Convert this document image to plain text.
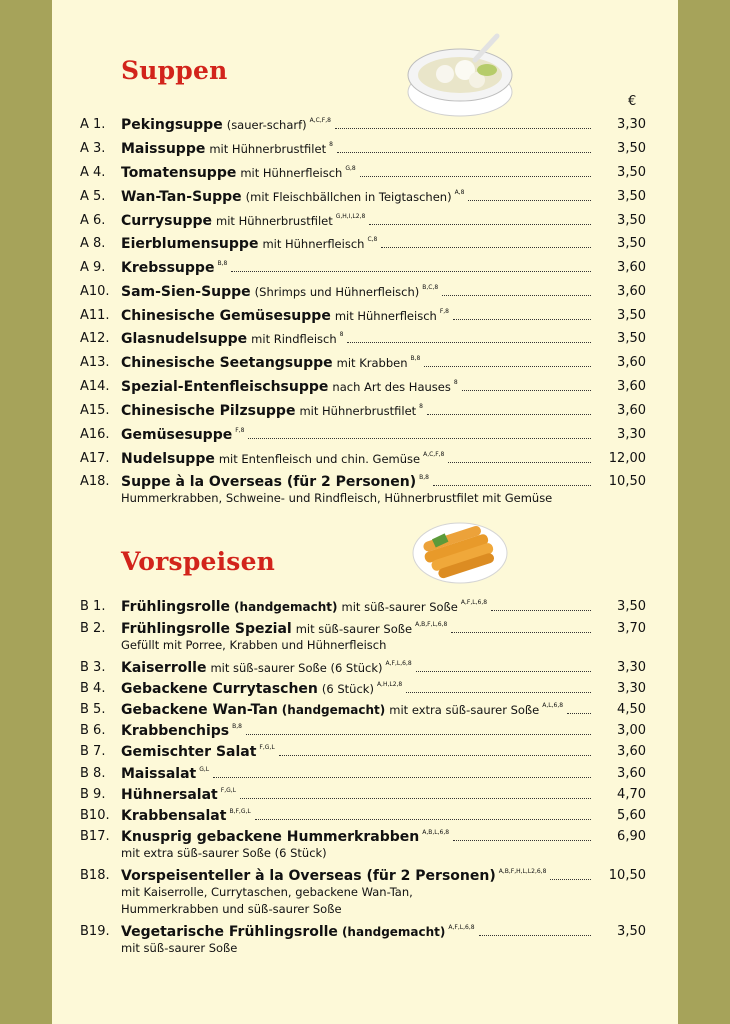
Suppen
€
A 1.	Pekingsuppe (sauer-scharf) A,C,F,8	3,30
A 3.	Maissuppe mit Hühnerbrustfilet 8	3,50
A 4.	Tomatensuppe mit Hühnerfleisch G,8	3,50
A 5.	Wan-Tan-Suppe (mit Fleischbällchen in Teigtaschen) A,8	3,50
A 6.	Currysuppe mit Hühnerbrustfilet G,H,I,L2,8	3,50
A 8.	Eierblumensuppe mit Hühnerfleisch C,8	3,50
A 9.	Krebssuppe B,8	3,60
A10. Sam-Sien-Suppe (Shrimps und Hühnerfleisch) B,C,8	3,60
A11. Chinesische Gemüsesuppe mit Hühnerfleisch F,8	3,50
A12. Glasnudelsuppe mit Rindfleisch 8	3,50
A13. Chinesische Seetangsuppe mit Krabben B,8	3,60
A14. Spezial-Entenfleischsuppe nach Art des Hauses 8	3,60
A15. Chinesische Pilzsuppe mit Hühnerbrustfilet 8	3,60
A16. Gemüsesuppe F,8	3,30
A17. Nudelsuppe mit Entenfleisch und chin. Gemüse A,C,F,8	12,00
A18. Suppe à la Overseas (für 2 Personen) B,8	10,50
Hummerkrabben, Schweine- und Rindfleisch, Hühnerbrustfilet mit Gemüse
Vorspeisen
B 1.	Frühlingsrolle (handgemacht) mit süß-saurer Soße A,F,L,6,8	3,50
B 2.	Frühlingsrolle Spezial mit süß-saurer Soße A,B,F,L,6,8	3,70
Gefüllt mit Porree, Krabben und Hühnerfleisch
B 3.	Kaiserrolle mit süß-saurer Soße (6 Stück) A,F,L,6,8	3,30
B 4.	Gebackene Currytaschen (6 Stück) A,H,L2,8	3,30
B 5.	Gebackene Wan-Tan (handgemacht) mit extra süß-saurer Soße A,L,6,8	4,50
B 6.	Krabbenchips B,8	3,00
B 7.	Gemischter Salat F,G,L	3,60
B 8.	Maissalat G,L	3,60
B 9.	Hühnersalat F,G,L	4,70
B10. Krabbensalat B,F,G,L	5,60
B17. Knusprig gebackene Hummerkrabben A,B,L,6,8	6,90
mit extra süß-saurer Soße (6 Stück)
B18. Vorspeisenteller à la Overseas (für 2 Personen) A,B,F,H,L,L2,6,8	10,50
mit Kaiserrolle, Currytaschen, gebackene Wan-Tan,
Hummerkrabben und süß-saurer Soße
B19. Vegetarische Frühlingsrolle (handgemacht) A,F,L,6,8	3,50
mit süß-saurer Soße
